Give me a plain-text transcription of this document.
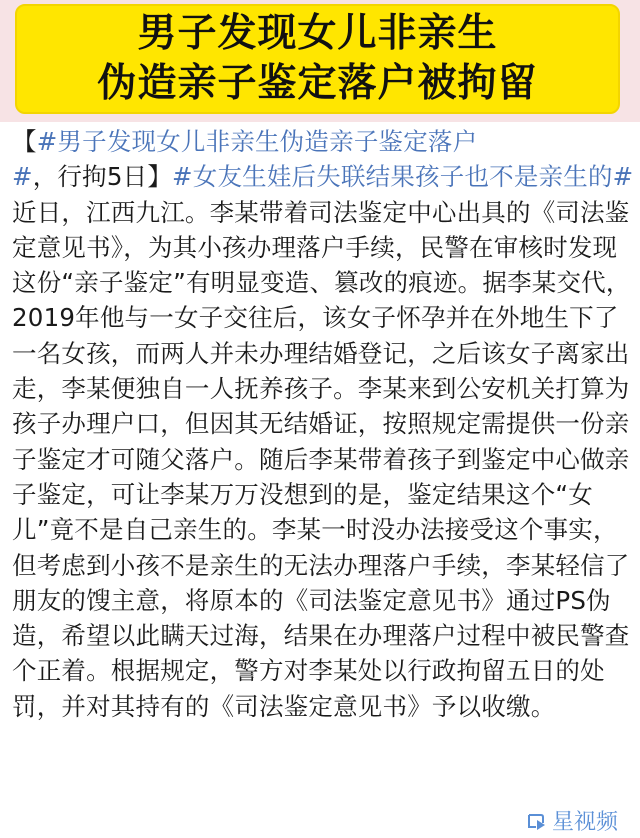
男子发现女儿非亲生
伪造亲子鉴定落户被拘留
【#男子发现女儿非亲生伪造亲子鉴定落户#，行拘5日】#女友生娃后失联结果孩子也不是亲生的# 近日，江西九江。李某带着司法鉴定中心出具的《司法鉴定意见书》，为其小孩办理落户手续，民警在审核时发现这份“亲子鉴定”有明显变造、篡改的痕迹。据李某交代，2019年他与一女子交往后，该女子怀孕并在外地生下了一名女孩，而两人并未办理结婚登记，之后该女子离家出走，李某便独自一人抚养孩子。李某来到公安机关打算为孩子办理户口，但因其无结婚证，按照规定需提供一份亲子鉴定才可随父落户。随后李某带着孩子到鉴定中心做亲子鉴定，可让李某万万没想到的是，鉴定结果这个“女儿”竟不是自己亲生的。李某一时没办法接受这个事实，但考虑到小孩不是亲生的无法办理落户手续，李某轻信了朋友的馊主意，将原本的《司法鉴定意见书》通过PS伪造，希望以此瞒天过海，结果在办理落户过程中被民警查个正着。根据规定，警方对李某处以行政拘留五日的处罚，并对其持有的《司法鉴定意见书》予以收缴。
星视频
